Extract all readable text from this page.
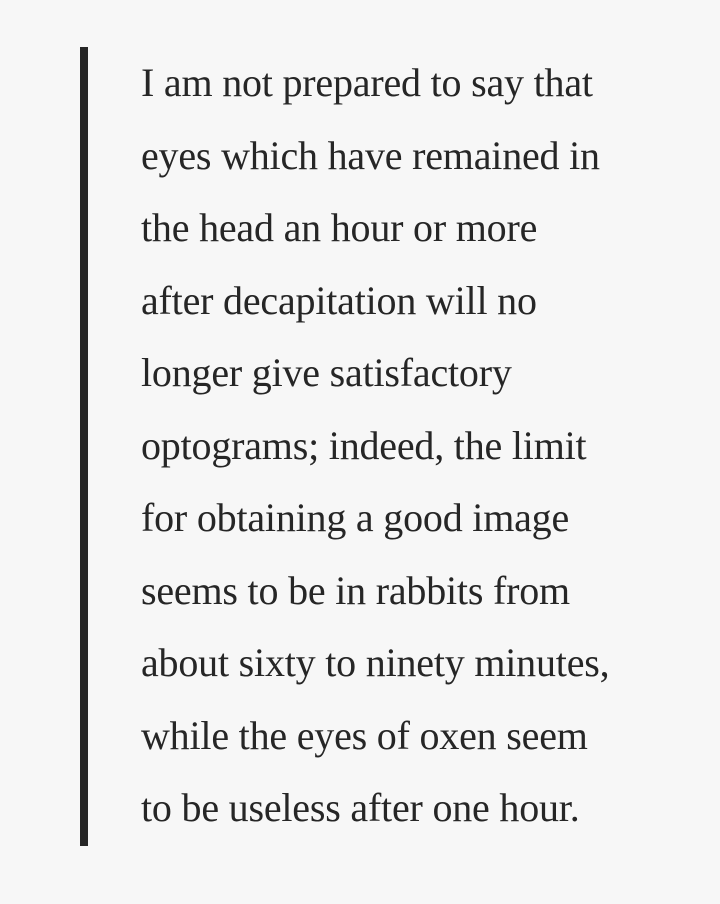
I am not prepared to say that
eyes which have remained in
the head an hour or more
after decapitation will no
longer give satisfactory
optograms; indeed, the limit
for obtaining a good image
seems to be in rabbits from
about sixty to ninety minutes,
while the eyes of oxen seem
to be useless after one hour.
